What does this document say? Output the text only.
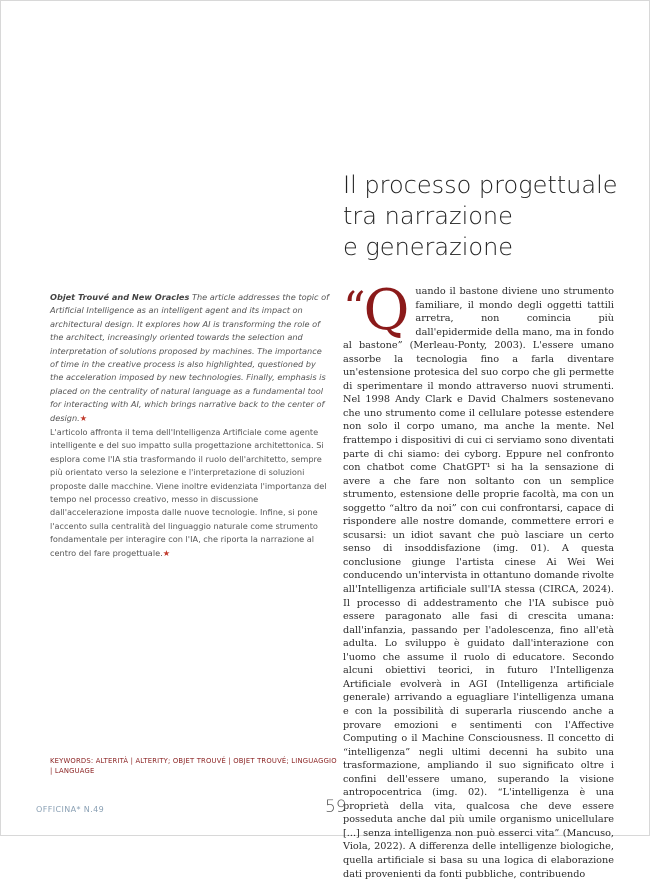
Il processo progettuale
tra narrazione
e generazione

Objet Trouvé and New Oracles The article addresses the topic of Artificial Intelligence as an intelligent agent and its impact on architectural design. It explores how AI is transforming the role of the architect, increasingly oriented towards the selection and interpretation of solutions proposed by machines. The importance of time in the creative process is also highlighted, questioned by the acceleration imposed by new technologies. Finally, emphasis is placed on the centrality of natural language as a fundamental tool for interacting with AI, which brings narrative back to the center of design.★

L'articolo affronta il tema dell'Intelligenza Artificiale come agente intelligente e del suo impatto sulla progettazione architettonica. Si esplora come l'IA stia trasformando il ruolo dell'architetto, sempre più orientato verso la selezione e l'interpretazione di soluzioni proposte dalle macchine. Viene inoltre evidenziata l'importanza del tempo nel processo creativo, messo in discussione dall'accelerazione imposta dalle nuove tecnologie. Infine, si pone l'accento sulla centralità del linguaggio naturale come strumento fondamentale per interagire con l'IA, che riporta la narrazione al centro del fare progettuale.★

“Q uando il bastone diviene uno strumento familiare, il mondo degli oggetti tattili arretra, non comincia più dall'epidermide della mano, ma in fondo al bastone” (Merleau-Ponty, 2003). L'essere umano assorbe la tecnologia fino a farla diventare un'estensione protesica del suo corpo che gli permette di sperimentare il mondo attraverso nuovi strumenti. Nel 1998 Andy Clark e David Chalmers sostenevano che uno strumento come il cellulare potesse estendere non solo il corpo umano, ma anche la mente. Nel frattempo i dispositivi di cui ci serviamo sono diventati parte di chi siamo: dei cyborg. Eppure nel confronto con chatbot come ChatGPT¹ si ha la sensazione di avere a che fare non soltanto con un semplice strumento, estensione delle proprie facoltà, ma con un soggetto “altro da noi” con cui confrontarsi, capace di rispondere alle nostre domande, commettere errori e scusarsi: un idiot savant che può lasciare un certo senso di insoddisfazione (img. 01). A questa conclusione giunge l'artista cinese Ai Wei Wei conducendo un'intervista in ottantuno domande rivolte all'Intelligenza artificiale sull'IA stessa (CIRCA, 2024). Il processo di addestramento che l'IA subisce può essere paragonato alle fasi di crescita umana: dall'infanzia, passando per l'adolescenza, fino all'età adulta. Lo sviluppo è guidato dall'interazione con l'uomo che assume il ruolo di educatore. Secondo alcuni obiettivi teorici, in futuro l'Intelligenza Artificiale evolverà in AGI (Intelligenza artificiale generale) arrivando a eguagliare l'intelligenza umana e con la possibilità di superarla riuscendo anche a provare emozioni e sentimenti con l'Affective Computing o il Machine Consciousness. Il concetto di “intelligenza” negli ultimi decenni ha subito una trasformazione, ampliando il suo significato oltre i confini dell'essere umano, superando la visione antropocentrica (img. 02). “L'intelligenza è una proprietà della vita, qualcosa che deve essere posseduta anche dal più umile organismo unicellulare [...] senza intelligenza non può esserci vita” (Mancuso, Viola, 2022). A differenza delle intelligenze biologiche, quella artificiale si basa su una logica di elaborazione dati provenienti da fonti pubbliche, contribuendo

KEYWORDS: ALTERITÀ | ALTERITY; OBJET TROUVÉ | OBJET TROUVÉ; LINGUAGGIO | LANGUAGE

OFFICINA* N.49	59
